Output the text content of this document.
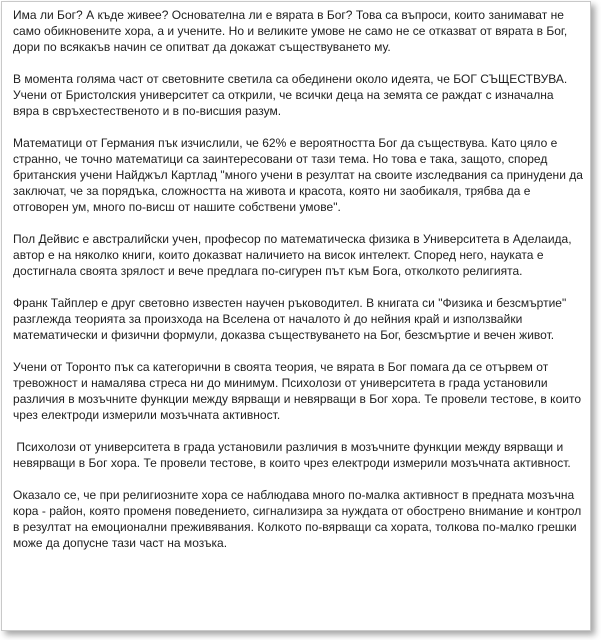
Има ли Бог? А къде живее? Основателна ли е вярата в Бог? Това са въпроси, които занимават не само обикновените хора, а и учените. Но и великите умове не само не се отказват от вярата в Бог, дори по всякакъв начин се опитват да докажат съществуването му.

В момента голяма част от световните светила са обединени около идеята, че БОГ СЪЩЕСТВУВА. Учени от Бристолския университет са открили, че всички деца на земята се раждат с изначална вяра в свръхестественото и в по-висшия разум.

Математици от Германия пък изчислили, че 62% е вероятността Бог да съществува. Като цяло е странно, че точно математици са заинтересовани от тази тема. Но това е така, защото, според британския учени Найджъл Картлад "много учени в резултат на своите изследвания са принудени да заключат, че за порядъка, сложността на живота и красота, която ни заобикаля, трябва да е отговорен ум, много по-висш от нашите собствени умове".

Пол Дейвис е австралийски учен, професор по математическа физика в Университета в Аделаида, автор е на няколко книги, които доказват наличието на висок интелект. Според него, науката е достигнала своята зрялост и вече предлага по-сигурен път към Бога, отколкото религията.

Франк Тайплер е друг световно известен научен ръководител. В книгата си "Физика и безсмъртие" разглежда теорията за произхода на Вселена от началото ѝ до нейния край и използвайки математически и физични формули, доказва съществуването на Бог, безсмъртие и вечен живот.

Учени от Торонто пък са категорични в своята теория, че вярата в Бог помага да се отървем от тревожност и намалява стреса ни до минимум. Психолози от университета в града установили различия в мозъчните функции между вярващи и невярващи в Бог хора. Те провели тестове, в които чрез електроди измерили мозъчната активност.

Психолози от университета в града установили различия в мозъчните функции между вярващи и невярващи в Бог хора. Те провели тестове, в които чрез електроди измерили мозъчната активност.

Оказало се, че при религиозните хора се наблюдава много по-малка активност в предната мозъчна кора - район, която променя поведението, сигнализира за нуждата от обострено внимание и контрол в резултат на емоционални преживявания. Колкото по-вярващи са хората, толкова по-малко грешки може да допусне тази част на мозъка.
